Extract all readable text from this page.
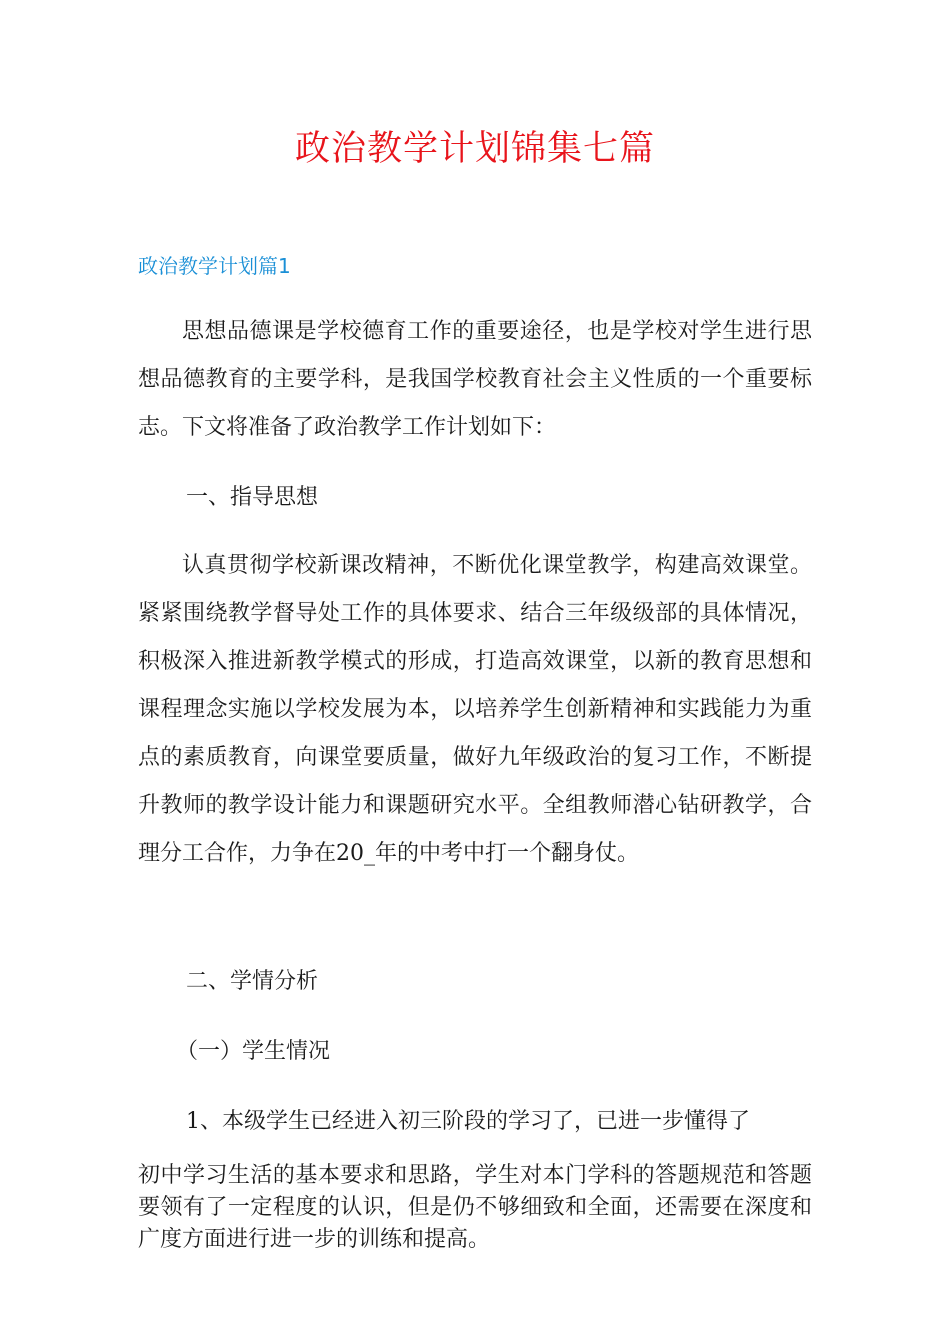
政治教学计划锦集七篇
政治教学计划篇1

思想品德课是学校德育工作的重要途径，也是学校对学生进行思想品德教育的主要学科，是我国学校教育社会主义性质的一个重要标志。下文将准备了政治教学工作计划如下：

一、指导思想

认真贯彻学校新课改精神，不断优化课堂教学，构建高效课堂。紧紧围绕教学督导处工作的具体要求、结合三年级级部的具体情况，积极深入推进新教学模式的形成，打造高效课堂，以新的教育思想和课程理念实施以学校发展为本，以培养学生创新精神和实践能力为重点的素质教育，向课堂要质量，做好九年级政治的复习工作，不断提升教师的教学设计能力和课题研究水平。全组教师潜心钻研教学，合理分工合作，力争在20_年的中考中打一个翻身仗。

二、学情分析

（一）学生情况

1、本级学生已经进入初三阶段的学习了，已进一步懂得了

初中学习生活的基本要求和思路，学生对本门学科的答题规范和答题要领有了一定程度的认识，但是仍不够细致和全面，还需要在深度和广度方面进行进一步的训练和提高。
